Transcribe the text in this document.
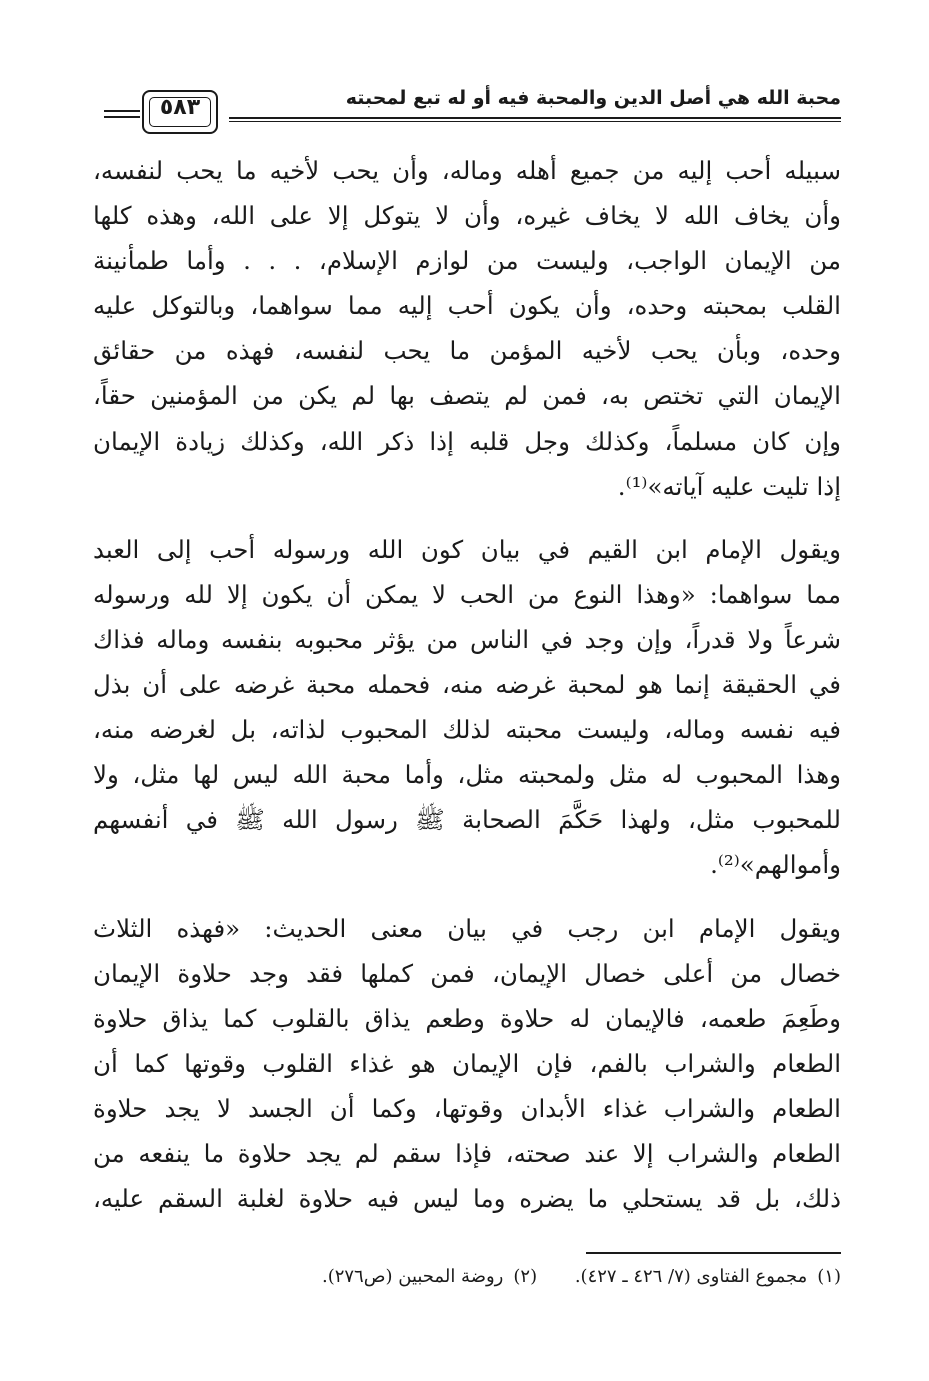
محبة الله هي أصل الدين والمحبة فيه أو له تبع لمحبته
٥٨٣
سبيله أحب إليه من جميع أهله وماله، وأن يحب لأخيه ما يحب لنفسه،
وأن يخاف الله لا يخاف غيره، وأن لا يتوكل إلا على الله، وهذه كلها
من الإيمان الواجب، وليست من لوازم الإسلام، . . . وأما طمأنينة
القلب بمحبته وحده، وأن يكون أحب إليه مما سواهما، وبالتوكل عليه
وحده، وبأن يحب لأخيه المؤمن ما يحب لنفسه، فهذه من حقائق
الإيمان التي تختص به، فمن لم يتصف بها لم يكن من المؤمنين حقاً،
وإن كان مسلماً، وكذلك وجل قلبه إذا ذكر الله، وكذلك زيادة الإيمان
إذا تليت عليه آياته»⁽¹⁾.
ويقول الإمام ابن القيم في بيان كون الله ورسوله أحب إلى العبد
مما سواهما: «وهذا النوع من الحب لا يمكن أن يكون إلا لله ورسوله
شرعاً ولا قدراً، وإن وجد في الناس من يؤثر محبوبه بنفسه وماله فذاك
في الحقيقة إنما هو لمحبة غرضه منه، فحمله محبة غرضه على أن بذل
فيه نفسه وماله، وليست محبته لذلك المحبوب لذاته، بل لغرضه منه،
وهذا المحبوب له مثل ولمحبته مثل، وأما محبة الله ليس لها مثل، ولا
للمحبوب مثل، ولهذا حَكَّمَ الصحابة ﷺ رسول الله ﷺ في أنفسهم
وأموالهم»⁽²⁾.
ويقول الإمام ابن رجب في بيان معنى الحديث: «فهذه الثلاث
خصال من أعلى خصال الإيمان، فمن كملها فقد وجد حلاوة الإيمان
وطَعِمَ طعمه، فالإيمان له حلاوة وطعم يذاق بالقلوب كما يذاق حلاوة
الطعام والشراب بالفم، فإن الإيمان هو غذاء القلوب وقوتها كما أن
الطعام والشراب غذاء الأبدان وقوتها، وكما أن الجسد لا يجد حلاوة
الطعام والشراب إلا عند صحته، فإذا سقم لم يجد حلاوة ما ينفعه من
ذلك، بل قد يستحلي ما يضره وما ليس فيه حلاوة لغلبة السقم عليه،
(١)مجموع الفتاوى (٧/ ٤٢٦ ـ ٤٢٧). (٢)روضة المحبين (ص٢٧٦).
